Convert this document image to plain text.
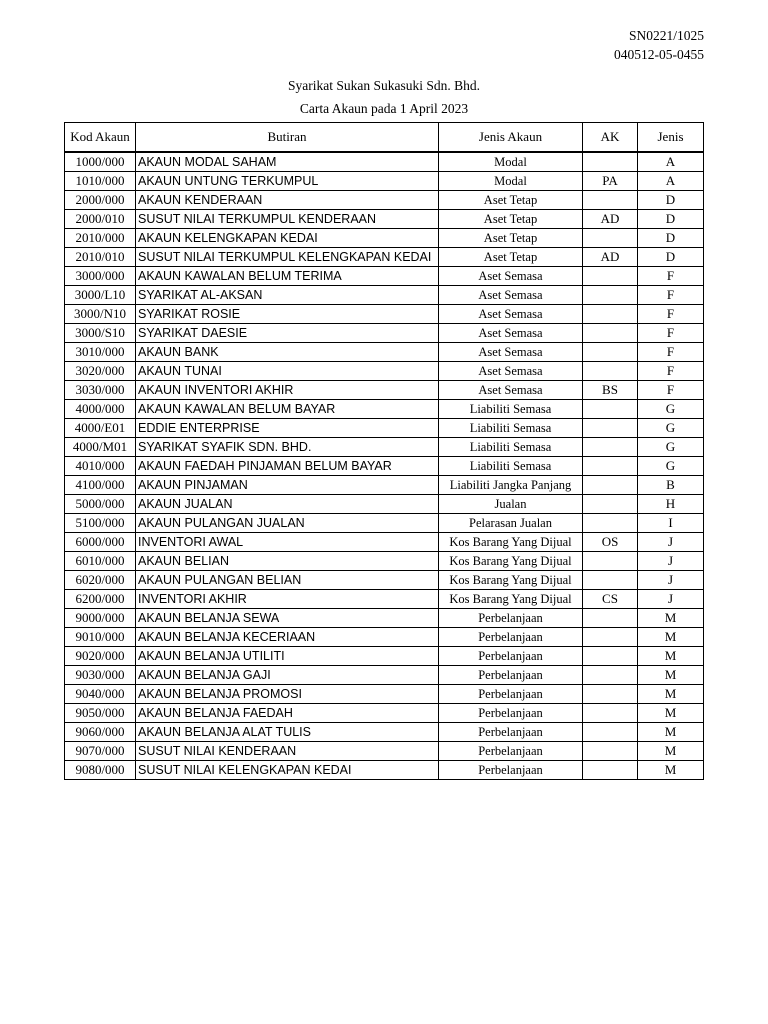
SN0221/1025
040512-05-0455
Syarikat Sukan Sukasuki Sdn. Bhd.
Carta Akaun pada 1 April 2023
Kod Akaun	Butiran	Jenis Akaun	AK	Jenis
1000/000	AKAUN MODAL SAHAM	Modal		A
1010/000	AKAUN UNTUNG TERKUMPUL	Modal	PA	A
2000/000	AKAUN KENDERAAN	Aset Tetap		D
2000/010	SUSUT NILAI TERKUMPUL KENDERAAN	Aset Tetap	AD	D
2010/000	AKAUN KELENGKAPAN KEDAI	Aset Tetap		D
2010/010	SUSUT NILAI TERKUMPUL KELENGKAPAN KEDAI	Aset Tetap	AD	D
3000/000	AKAUN KAWALAN BELUM TERIMA	Aset Semasa		F
3000/L10	SYARIKAT AL-AKSAN	Aset Semasa		F
3000/N10	SYARIKAT ROSIE	Aset Semasa		F
3000/S10	SYARIKAT DAESIE	Aset Semasa		F
3010/000	AKAUN BANK	Aset Semasa		F
3020/000	AKAUN TUNAI	Aset Semasa		F
3030/000	AKAUN INVENTORI AKHIR	Aset Semasa	BS	F
4000/000	AKAUN KAWALAN BELUM BAYAR	Liabiliti Semasa		G
4000/E01	EDDIE ENTERPRISE	Liabiliti Semasa		G
4000/M01	SYARIKAT SYAFIK SDN. BHD.	Liabiliti Semasa		G
4010/000	AKAUN FAEDAH PINJAMAN BELUM BAYAR	Liabiliti Semasa		G
4100/000	AKAUN PINJAMAN	Liabiliti Jangka Panjang		B
5000/000	AKAUN JUALAN	Jualan		H
5100/000	AKAUN PULANGAN JUALAN	Pelarasan Jualan		I
6000/000	INVENTORI AWAL	Kos Barang Yang Dijual	OS	J
6010/000	AKAUN BELIAN	Kos Barang Yang Dijual		J
6020/000	AKAUN PULANGAN BELIAN	Kos Barang Yang Dijual		J
6200/000	INVENTORI AKHIR	Kos Barang Yang Dijual	CS	J
9000/000	AKAUN BELANJA SEWA	Perbelanjaan		M
9010/000	AKAUN BELANJA KECERIAAN	Perbelanjaan		M
9020/000	AKAUN BELANJA UTILITI	Perbelanjaan		M
9030/000	AKAUN BELANJA GAJI	Perbelanjaan		M
9040/000	AKAUN BELANJA PROMOSI	Perbelanjaan		M
9050/000	AKAUN BELANJA FAEDAH	Perbelanjaan		M
9060/000	AKAUN BELANJA ALAT TULIS	Perbelanjaan		M
9070/000	SUSUT NILAI KENDERAAN	Perbelanjaan		M
9080/000	SUSUT NILAI KELENGKAPAN KEDAI	Perbelanjaan		M
